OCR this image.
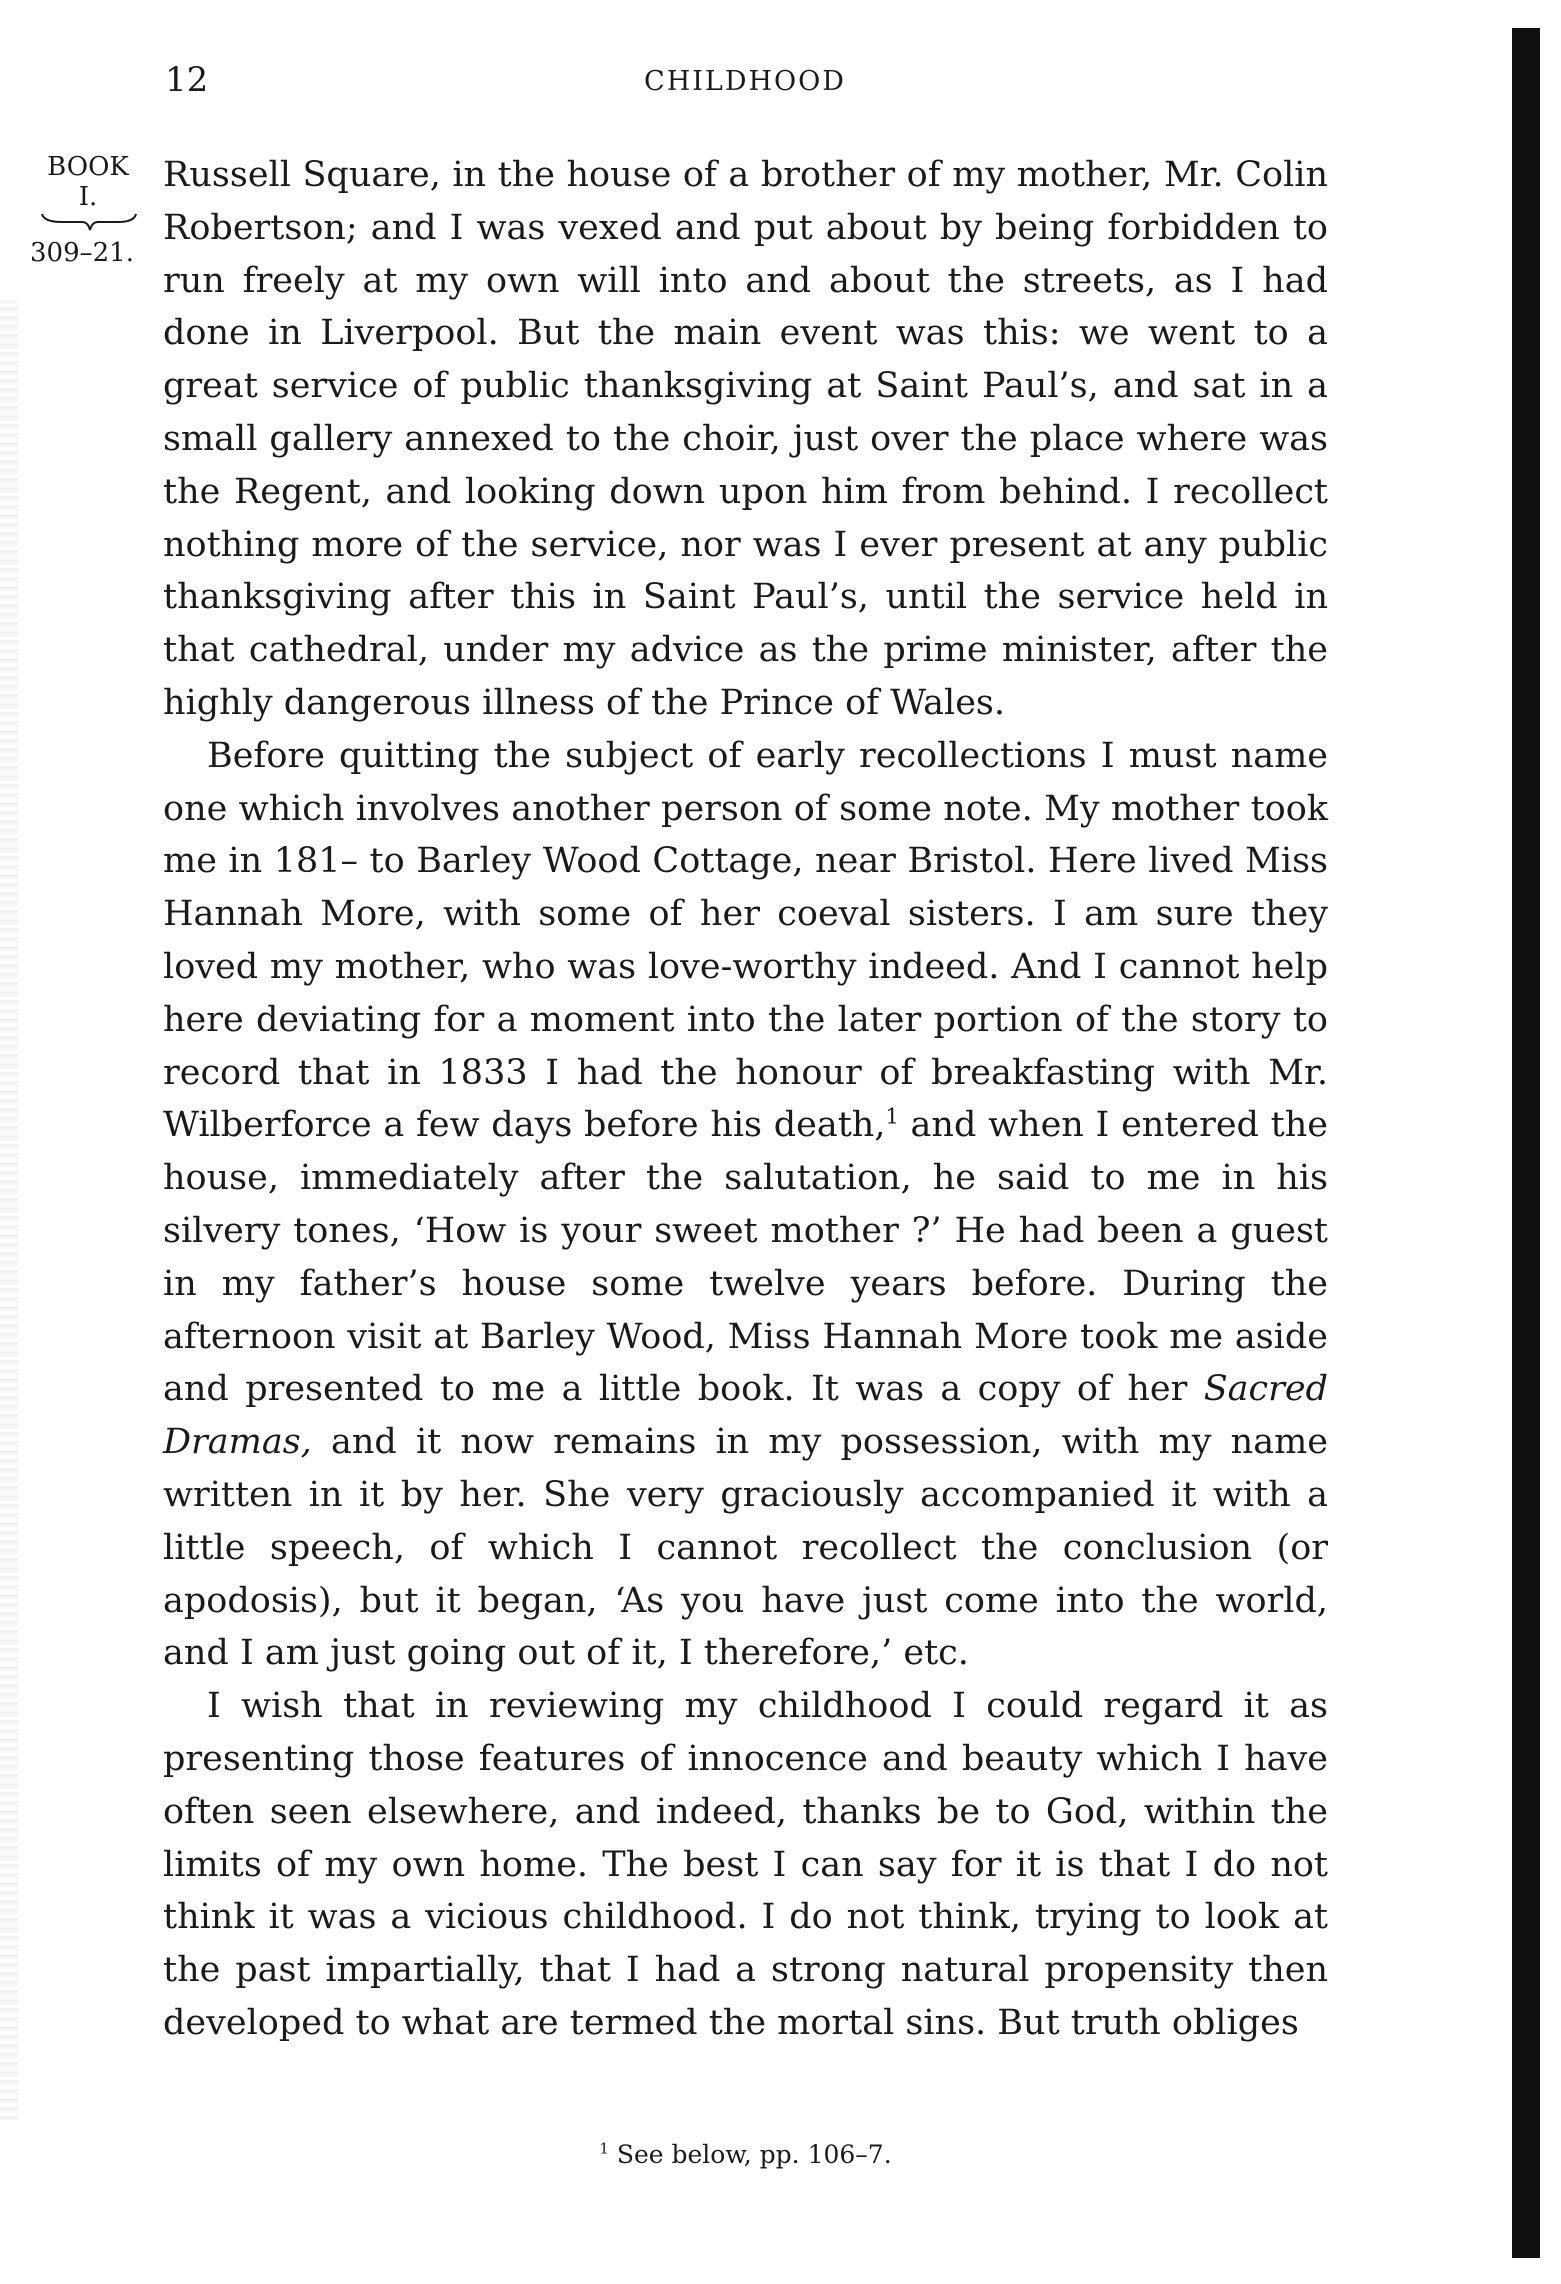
12	CHILDHOOD
BOOK
I.
309–21.

Russell Square, in the house of a brother of my mother, Mr. Colin Robertson; and I was vexed and put about by being forbidden to run freely at my own will into and about the streets, as I had done in Liverpool. But the main event was this: we went to a great service of public thanksgiving at Saint Paul’s, and sat in a small gallery annexed to the choir, just over the place where was the Regent, and looking down upon him from behind. I recollect nothing more of the service, nor was I ever present at any public thanksgiving after this in Saint Paul’s, until the service held in that cathedral, under my advice as the prime minister, after the highly dangerous illness of the Prince of Wales.

Before quitting the subject of early recollections I must name one which involves another person of some note. My mother took me in 181– to Barley Wood Cottage, near Bristol. Here lived Miss Hannah More, with some of her coeval sisters. I am sure they loved my mother, who was love-worthy indeed. And I cannot help here deviating for a moment into the later portion of the story to record that in 1833 I had the honour of breakfasting with Mr. Wilberforce a few days before his death,$^1$ and when I entered the house, immediately after the salutation, he said to me in his silvery tones, ‘How is your sweet mother ?’ He had been a guest in my father’s house some twelve years before. During the afternoon visit at Barley Wood, Miss Hannah More took me aside and presented to me a little book. It was a copy of her Sacred Dramas, and it now remains in my possession, with my name written in it by her. She very graciously accompanied it with a little speech, of which I cannot recollect the conclusion (or apodosis), but it began, ‘As you have just come into the world, and I am just going out of it, I therefore,’ etc.

I wish that in reviewing my childhood I could regard it as presenting those features of innocence and beauty which I have often seen elsewhere, and indeed, thanks be to God, within the limits of my own home. The best I can say for it is that I do not think it was a vicious childhood. I do not think, trying to look at the past impartially, that I had a strong natural propensity then developed to what are termed the mortal sins. But truth obliges

$^1$ See below, pp. 106–7.
